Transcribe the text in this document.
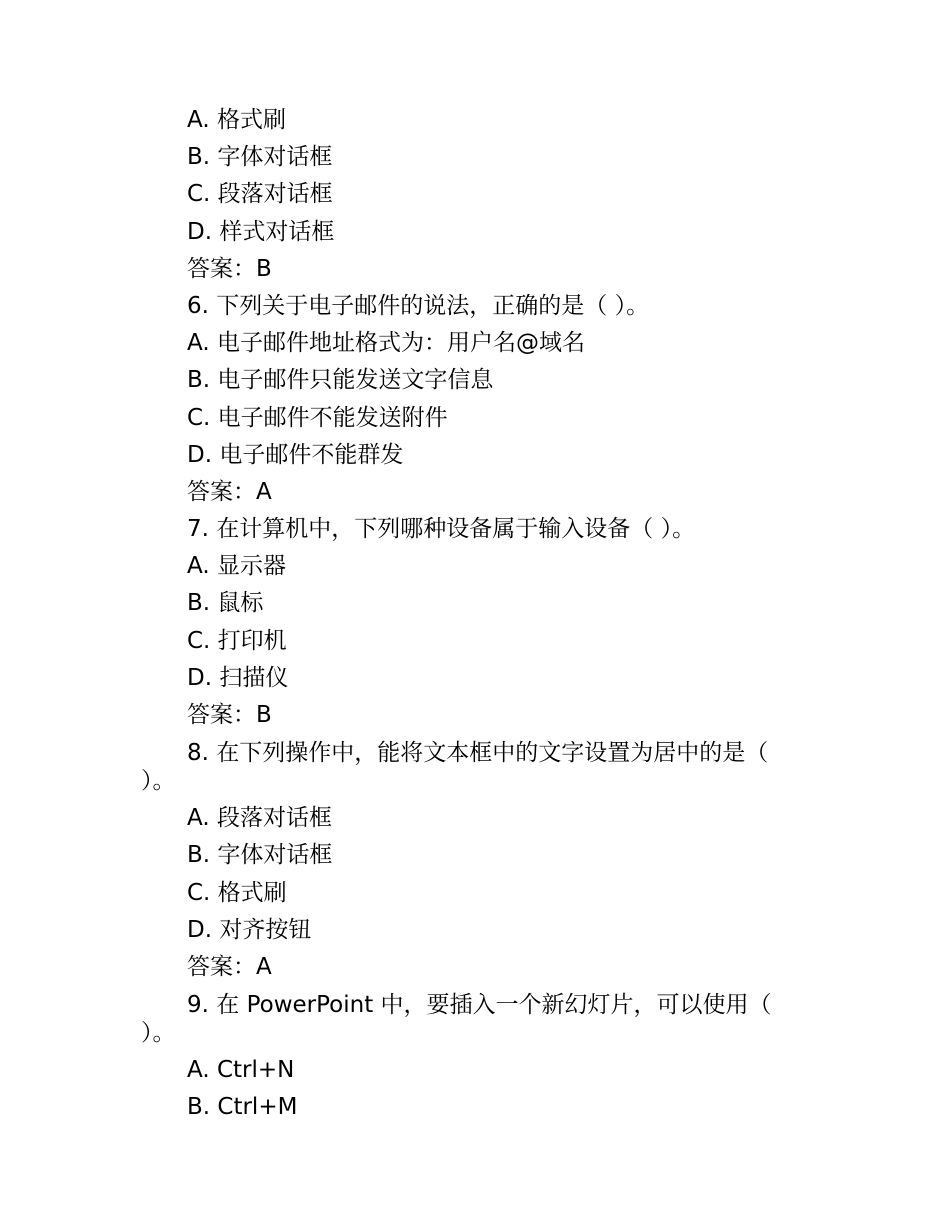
A. 格式刷
B. 字体对话框
C. 段落对话框
D. 样式对话框
答案：B
6. 下列关于电子邮件的说法，正确的是（ ）。
A. 电子邮件地址格式为：用户名@域名
B. 电子邮件只能发送文字信息
C. 电子邮件不能发送附件
D. 电子邮件不能群发
答案：A
7. 在计算机中，下列哪种设备属于输入设备（ ）。
A. 显示器
B. 鼠标
C. 打印机
D. 扫描仪
答案：B
8. 在下列操作中，能将文本框中的文字设置为居中的是（
）。
A. 段落对话框
B. 字体对话框
C. 格式刷
D. 对齐按钮
答案：A
9. 在 PowerPoint 中，要插入一个新幻灯片，可以使用（
）。
A. Ctrl+N
B. Ctrl+M
